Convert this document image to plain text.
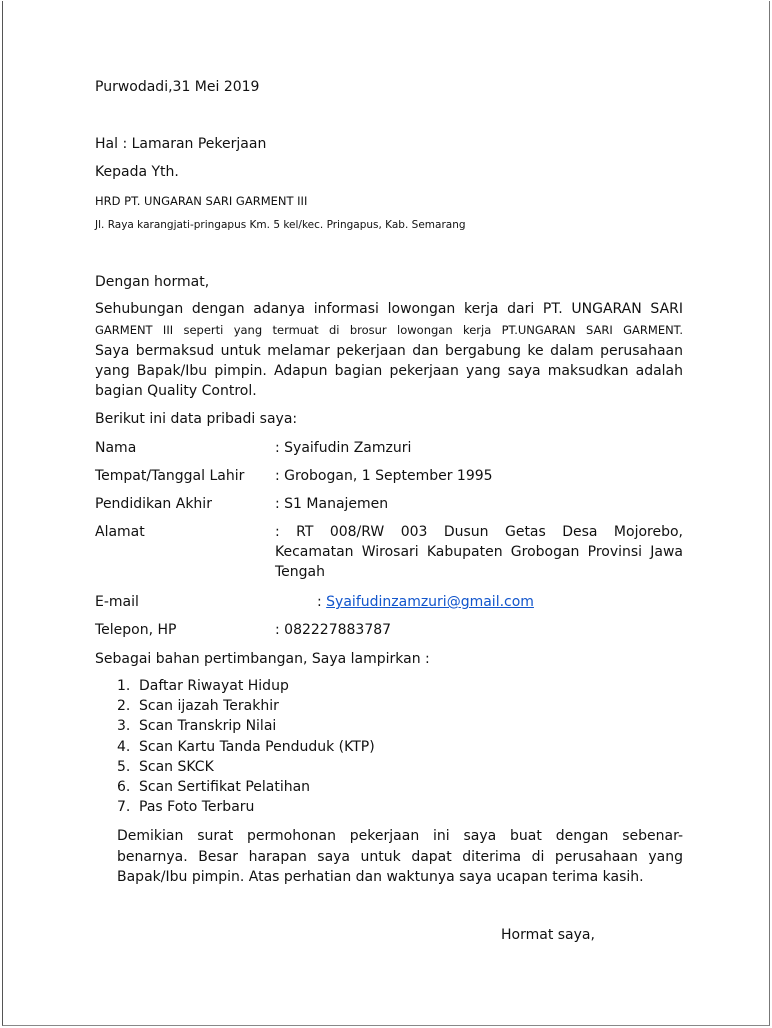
Purwodadi,31 Mei 2019
Hal : Lamaran Pekerjaan
Kepada Yth.
HRD PT. UNGARAN SARI GARMENT III
Jl. Raya karangjati-pringapus Km. 5 kel/kec. Pringapus, Kab. Semarang
Dengan hormat,
Sehubungan dengan adanya informasi lowongan kerja dari PT. UNGARAN SARI
GARMENT III seperti yang termuat di brosur lowongan kerja PT.UNGARAN SARI GARMENT.
Saya bermaksud untuk melamar pekerjaan dan bergabung ke dalam perusahaan
yang Bapak/Ibu pimpin. Adapun bagian pekerjaan yang saya maksudkan adalah
bagian Quality Control.
Berikut ini data pribadi saya:
Nama	: Syaifudin Zamzuri
Tempat/Tanggal Lahir : Grobogan, 1 September 1995
Pendidikan Akhir	: S1 Manajemen
Alamat	: RT 008/RW 003 Dusun Getas Desa Mojorebo,
Kecamatan Wirosari Kabupaten Grobogan Provinsi Jawa
Tengah
E-mail	: Syaifudinzamzuri@gmail.com
Telepon, HP	: 082227883787
Sebagai bahan pertimbangan, Saya lampirkan :
1. Daftar Riwayat Hidup
2. Scan ijazah Terakhir
3. Scan Transkrip Nilai
4. Scan Kartu Tanda Penduduk (KTP)
5. Scan SKCK
6. Scan Sertifikat Pelatihan
7. Pas Foto Terbaru
Demikian surat permohonan pekerjaan ini saya buat dengan sebenar-
benarnya. Besar harapan saya untuk dapat diterima di perusahaan yang
Bapak/Ibu pimpin. Atas perhatian dan waktunya saya ucapan terima kasih.
Hormat saya,
